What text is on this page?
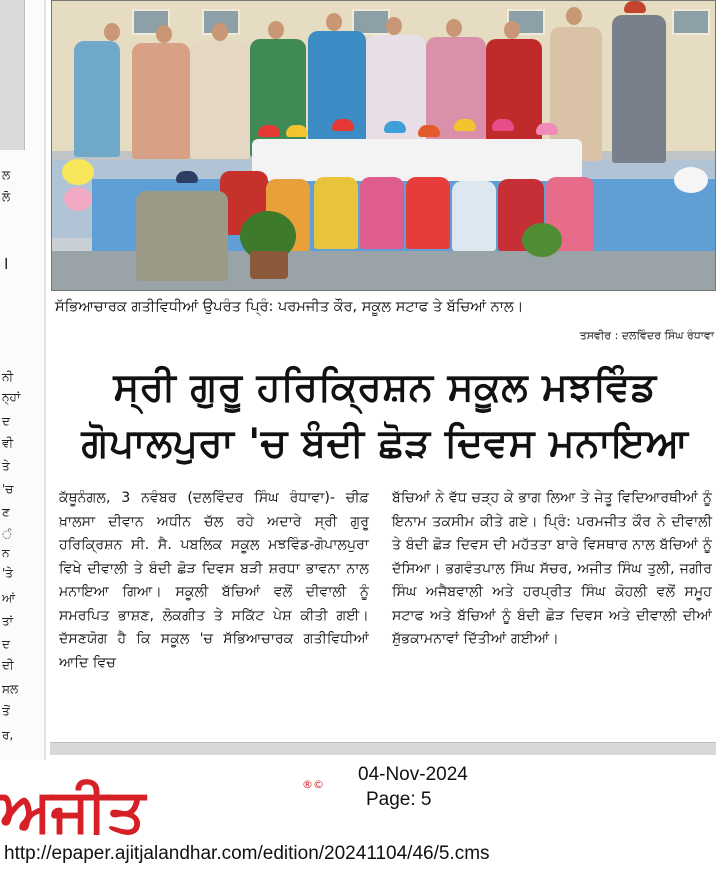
ਲ
ਲੋ
।
ਨੀ
ਨ੍ਹਾਂ
ਦ
ਵੀ
ਤੇ
'ਚ
ਣ
ੰ
ਨ
'ਤੇ
ਆਂ
ਤਾਂ
ਦ
ਦੀ
ਸਲ
ਤੋਂ
ਰ,
ਸੱਭਿਆਚਾਰਕ ਗਤੀਵਿਧੀਆਂ ਉਪਰੰਤ ਪ੍ਰਿੰ: ਪਰਮਜੀਤ ਕੌਰ, ਸਕੂਲ ਸਟਾਫ ਤੇ ਬੱਚਿਆਂ ਨਾਲ।
ਤਸਵੀਰ : ਦਲਵਿੰਦਰ ਸਿੰਘ ਰੰਧਾਵਾ
ਸ੍ਰੀ ਗੁਰੂ ਹਰਿਕ੍ਰਿਸ਼ਨ ਸਕੂਲ ਮਝਵਿੰਡ
ਗੋਪਾਲਪੁਰਾ 'ਚ ਬੰਦੀ ਛੋੜ ਦਿਵਸ ਮਨਾਇਆ
ਕੱਥੂਨੰਗਲ, 3 ਨਵੰਬਰ (ਦਲਵਿੰਦਰ ਸਿੰਘ ਰੰਧਾਵਾ)- ਚੀਫ਼ ਖ਼ਾਲਸਾ ਦੀਵਾਨ ਅਧੀਨ ਚੱਲ ਰਹੇ ਅਦਾਰੇ ਸ੍ਰੀ ਗੁਰੂ ਹਰਿਕ੍ਰਿਸ਼ਨ ਸੀ. ਸੈ. ਪਬਲਿਕ ਸਕੂਲ ਮਝਵਿੰਡ-ਗੋਪਾਲਪੁਰਾ ਵਿਖੇ ਦੀਵਾਲੀ ਤੇ ਬੰਦੀ ਛੋੜ ਦਿਵਸ ਬੜੀ ਸ਼ਰਧਾ ਭਾਵਨਾ ਨਾਲ ਮਨਾਇਆ ਗਿਆ। ਸਕੂਲੀ ਬੱਚਿਆਂ ਵਲੋਂ ਦੀਵਾਲੀ ਨੂੰ ਸਮਰਪਿਤ ਭਾਸ਼ਣ, ਲੋਕਗੀਤ ਤੇ ਸਕਿੱਟ ਪੇਸ਼ ਕੀਤੀ ਗਈ। ਦੱਸਣਯੋਗ ਹੈ ਕਿ ਸਕੂਲ 'ਚ ਸੱਭਿਆਚਾਰਕ ਗਤੀਵਿਧੀਆਂ ਆਦਿ ਵਿਚ
ਬੱਚਿਆਂ ਨੇ ਵੱਧ ਚੜ੍ਹ ਕੇ ਭਾਗ ਲਿਆ ਤੇ ਜੇਤੂ ਵਿਦਿਆਰਥੀਆਂ ਨੂੰ ਇਨਾਮ ਤਕਸੀਮ ਕੀਤੇ ਗਏ। ਪ੍ਰਿੰ: ਪਰਮਜੀਤ ਕੌਰ ਨੇ ਦੀਵਾਲੀ ਤੇ ਬੰਦੀ ਛੋੜ ਦਿਵਸ ਦੀ ਮਹੱਤਤਾ ਬਾਰੇ ਵਿਸਥਾਰ ਨਾਲ ਬੱਚਿਆਂ ਨੂੰ ਦੱਸਿਆ। ਭਗਵੰਤਪਾਲ ਸਿੰਘ ਸੱਚਰ, ਅਜੀਤ ਸਿੰਘ ਤੁਲੀ, ਜਗੀਰ ਸਿੰਘ ਅਜੈਬਵਾਲੀ ਅਤੇ ਹਰਪ੍ਰੀਤ ਸਿੰਘ ਕੋਹਲੀ ਵਲੋਂ ਸਮੂਹ ਸਟਾਫ ਅਤੇ ਬੱਚਿਆਂ ਨੂੰ ਬੰਦੀ ਛੋੜ ਦਿਵਸ ਅਤੇ ਦੀਵਾਲੀ ਦੀਆਂ ਸ਼ੁੱਭਕਾਮਨਾਵਾਂ ਦਿੱਤੀਆਂ ਗਈਆਂ।
ਅਜੀਤ	®© 04-Nov-2024
Page: 5
http://epaper.ajitjalandhar.com/edition/20241104/46/5.cms
